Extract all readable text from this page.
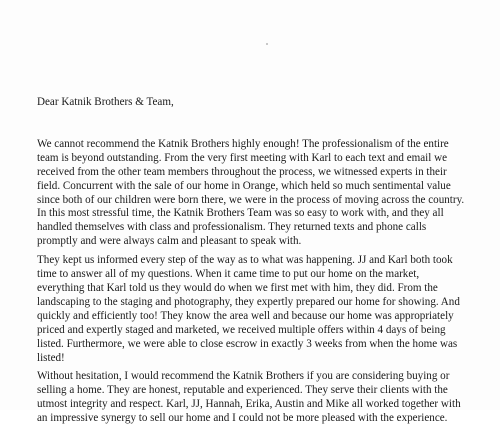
Dear Katnik Brothers & Team,

We cannot recommend the Katnik Brothers highly enough! The professionalism of the entire
team is beyond outstanding. From the very first meeting with Karl to each text and email we
received from the other team members throughout the process, we witnessed experts in their
field. Concurrent with the sale of our home in Orange, which held so much sentimental value
since both of our children were born there, we were in the process of moving across the country.
In this most stressful time, the Katnik Brothers Team was so easy to work with, and they all
handled themselves with class and professionalism. They returned texts and phone calls
promptly and were always calm and pleasant to speak with.
They kept us informed every step of the way as to what was happening. JJ and Karl both took
time to answer all of my questions. When it came time to put our home on the market,
everything that Karl told us they would do when we first met with him, they did. From the
landscaping to the staging and photography, they expertly prepared our home for showing. And
quickly and efficiently too! They know the area well and because our home was appropriately
priced and expertly staged and marketed, we received multiple offers within 4 days of being
listed. Furthermore, we were able to close escrow in exactly 3 weeks from when the home was
listed!
Without hesitation, I would recommend the Katnik Brothers if you are considering buying or
selling a home. They are honest, reputable and experienced. They serve their clients with the
utmost integrity and respect. Karl, JJ, Hannah, Erika, Austin and Mike all worked together with
an impressive synergy to sell our home and I could not be more pleased with the experience.
